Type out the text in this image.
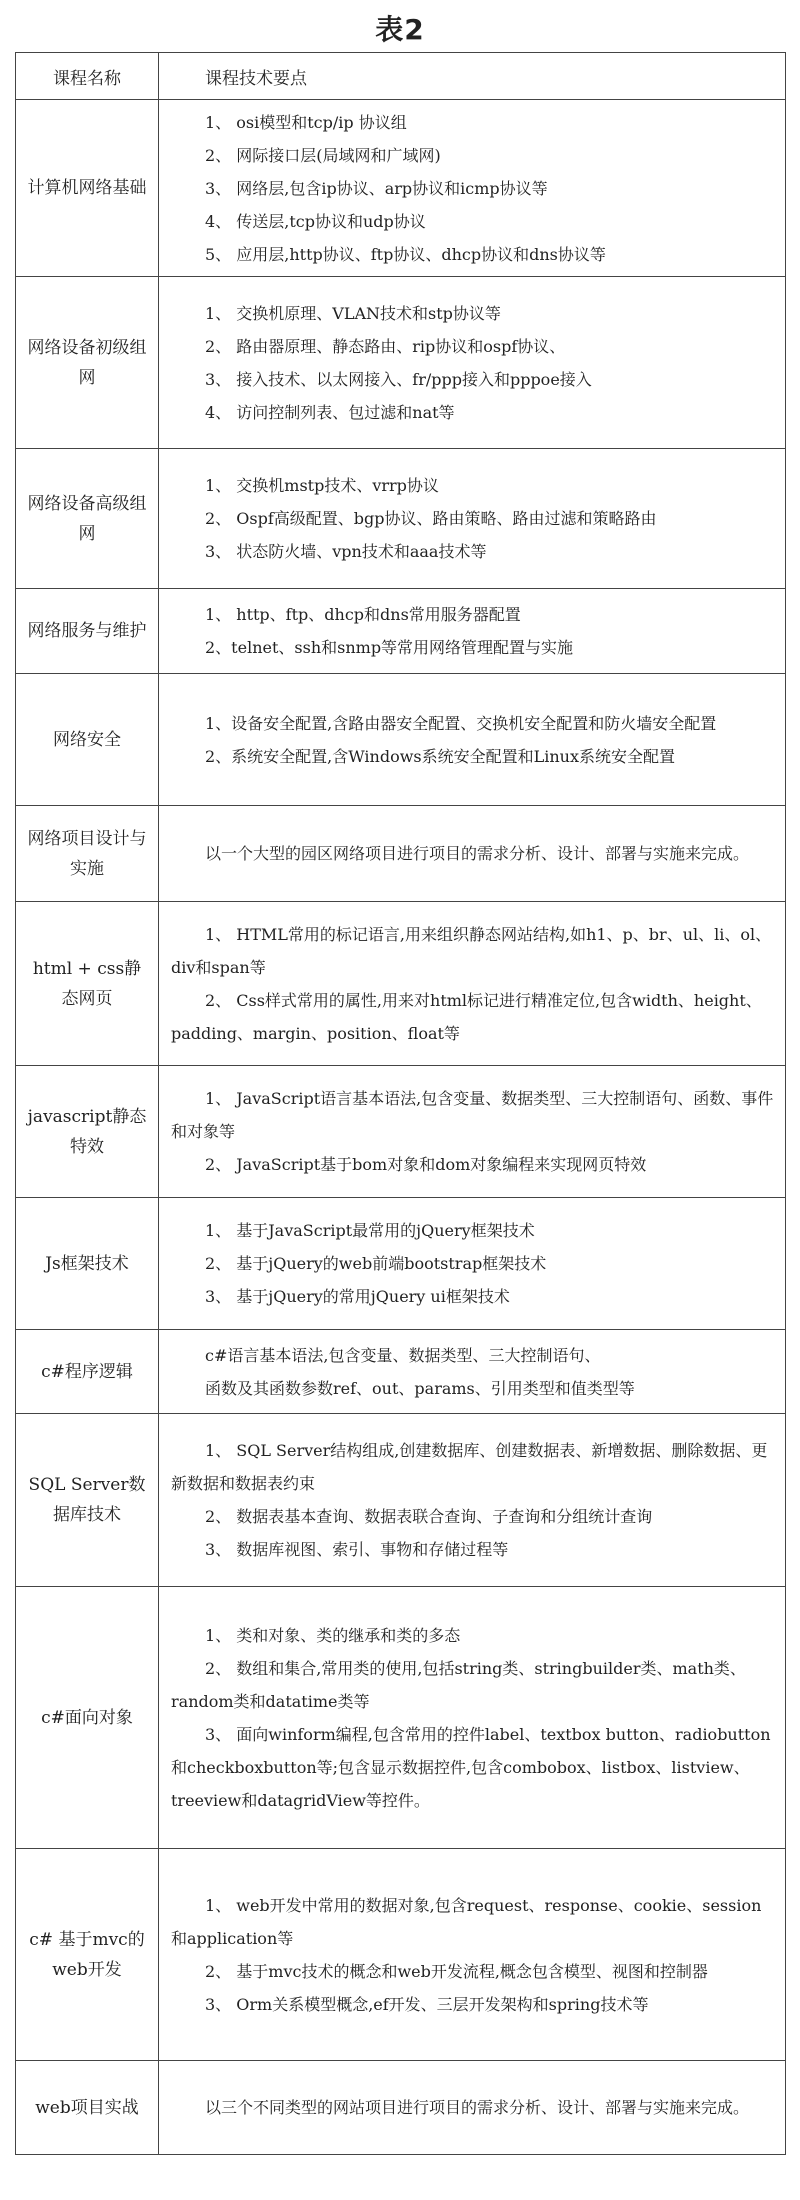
表2
课程名称	课程技术要点
计算机网络基础	1、 osi模型和tcp/ip 协议组
2、 网际接口层(局域网和广域网)
3、 网络层,包含ip协议、arp协议和icmp协议等
4、 传送层,tcp协议和udp协议
5、 应用层,http协议、ftp协议、dhcp协议和dns协议等

网络设备初级组网	1、 交换机原理、VLAN技术和stp协议等
2、 路由器原理、静态路由、rip协议和ospf协议、
3、 接入技术、以太网接入、fr/ppp接入和pppoe接入
4、 访问控制列表、包过滤和nat等

网络设备高级组网	1、 交换机mstp技术、vrrp协议
2、 Ospf高级配置、bgp协议、路由策略、路由过滤和策略路由
3、 状态防火墙、vpn技术和aaa技术等

网络服务与维护	1、 http、ftp、dhcp和dns常用服务器配置
2、telnet、ssh和snmp等常用网络管理配置与实施

网络安全	1、设备安全配置,含路由器安全配置、交换机安全配置和防火墙安全配置
2、系统安全配置,含Windows系统安全配置和Linux系统安全配置

网络项目设计与实施	以一个大型的园区网络项目进行项目的需求分析、设计、部署与实施来完成。

html + css静态网页	1、 HTML常用的标记语言,用来组织静态网站结构,如h1、p、br、ul、li、ol、div和span等
2、 Css样式常用的属性,用来对html标记进行精准定位,包含width、height、padding、margin、position、float等

javascript静态特效	1、 JavaScript语言基本语法,包含变量、数据类型、三大控制语句、函数、事件和对象等
2、 JavaScript基于bom对象和dom对象编程来实现网页特效

Js框架技术	1、 基于JavaScript最常用的jQuery框架技术
2、 基于jQuery的web前端bootstrap框架技术
3、 基于jQuery的常用jQuery ui框架技术

c#程序逻辑	c#语言基本语法,包含变量、数据类型、三大控制语句、
函数及其函数参数ref、out、params、引用类型和值类型等

SQL Server数据库技术	1、 SQL Server结构组成,创建数据库、创建数据表、新增数据、删除数据、更新数据和数据表约束
2、 数据表基本查询、数据表联合查询、子查询和分组统计查询
3、 数据库视图、索引、事物和存储过程等

c#面向对象	1、 类和对象、类的继承和类的多态
2、 数组和集合,常用类的使用,包括string类、stringbuilder类、math类、random类和datatime类等
3、 面向winform编程,包含常用的控件label、textbox button、radiobutton和checkboxbutton等;包含显示数据控件,包含combobox、listbox、listview、treeview和datagridView等控件。

c# 基于mvc的web开发	1、 web开发中常用的数据对象,包含request、response、cookie、session和application等
2、 基于mvc技术的概念和web开发流程,概念包含模型、视图和控制器
3、 Orm关系模型概念,ef开发、三层开发架构和spring技术等

web项目实战	以三个不同类型的网站项目进行项目的需求分析、设计、部署与实施来完成。
